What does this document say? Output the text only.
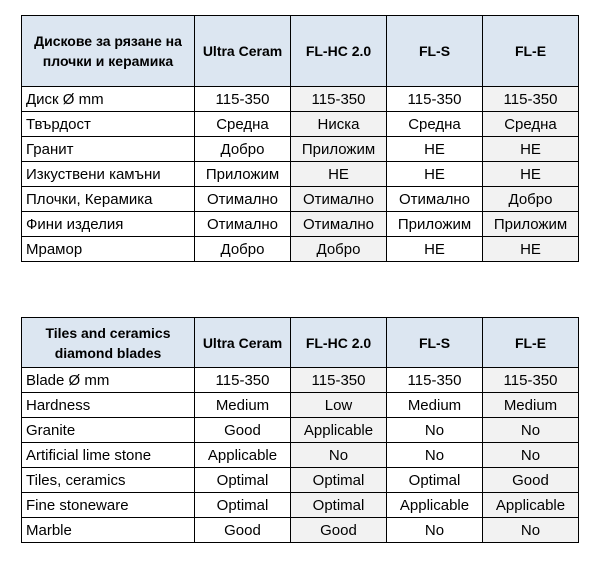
Дискове за рязане на плочки и керамика	Ultra Ceram	FL-HC 2.0	FL-S	FL-E
Диск Ø mm	115-350	115-350	115-350	115-350
Твърдост	Средна	Ниска	Средна	Средна
Гранит	Добро	Приложим	НЕ	НЕ
Изкуствени камъни	Приложим	НЕ	НЕ	НЕ
Плочки, Керамика	Отимално	Отимално	Отимално	Добро
Фини изделия	Отимално	Отимално	Приложим	Приложим
Мрамор	Добро	Добро	НЕ	НЕ
Tiles and ceramics diamond blades	Ultra Ceram	FL-HC 2.0	FL-S	FL-E
Blade Ø mm	115-350	115-350	115-350	115-350
Hardness	Medium	Low	Medium	Medium
Granite	Good	Applicable	No	No
Artificial lime stone	Applicable	No	No	No
Tiles, ceramics	Optimal	Optimal	Optimal	Good
Fine stoneware	Optimal	Optimal	Applicable	Applicable
Marble	Good	Good	No	No
